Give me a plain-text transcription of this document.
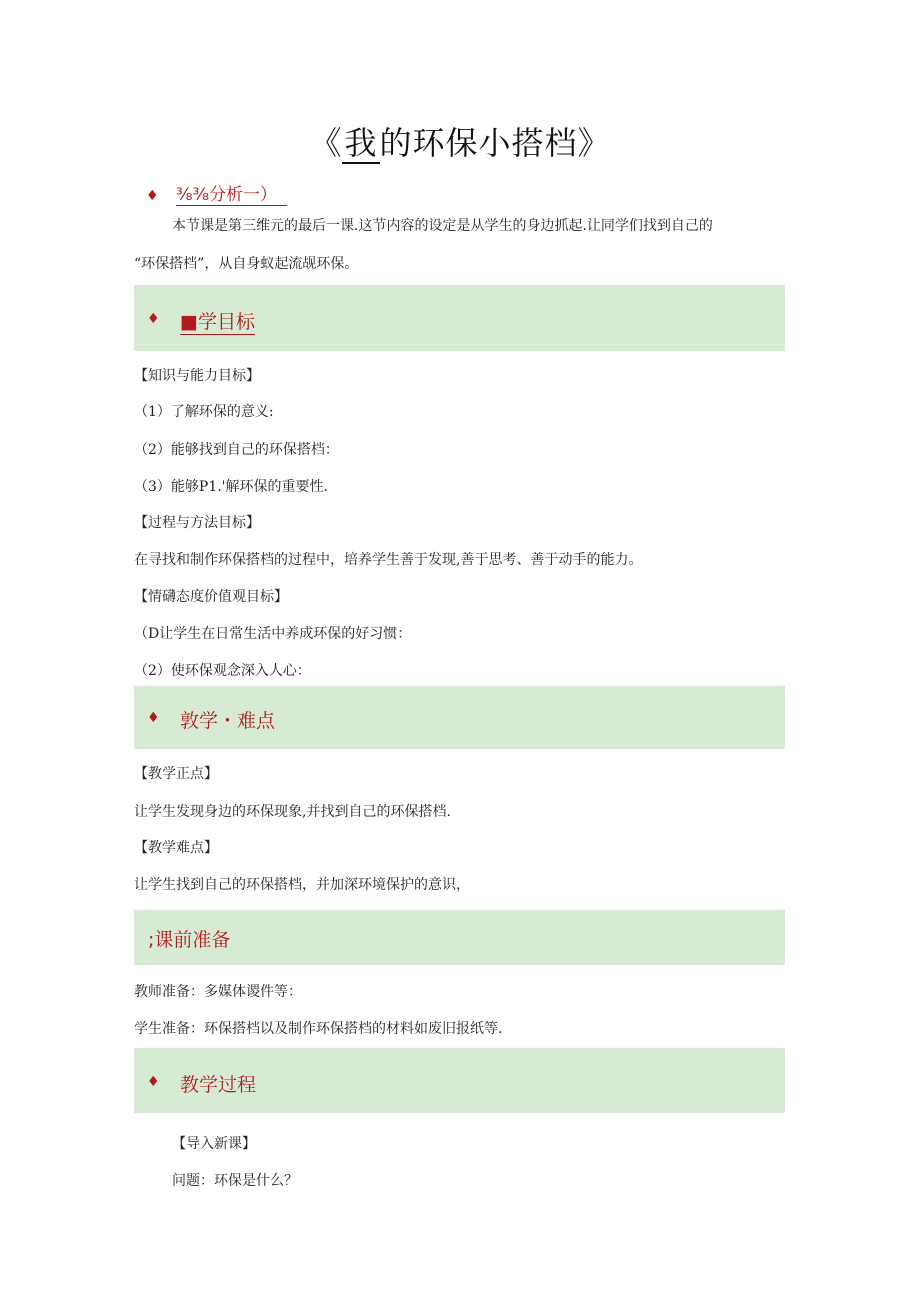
《我的环保小搭档》
♦ ⅜⅜分析一）
本节课是第三维元的最后一课.这节内容的设定是从学生的身边抓起.让同学们找到自己的
“环保搭档”，从自身蚁起流觇环保。
♦ ■学目标
【知识与能力目标】
（1）了解环保的意义:
（2）能够找到自己的环保搭档：
（3）能够P1.'解环保的重要性.
【过程与方法目标】
在寻找和制作环保搭档的过程中，培养学生善于发现,善于思考、善于动手的能力。
【情礴态度价值观目标】
（D让学生在日常生活中养成环保的好习惯：
（2）使环保观念深入人心：
♦ 敦学・难点
【教学正点】
让学生发现身边的环保现象,并找到自己的环保搭档.
【教学难点】
让学生找到自己的环保搭档，并加深环境保护的意识，
;课前准备
教师准备：多媒体谡件等：
学生准备：环保搭档以及制作环保搭档的材料如废旧报纸等.
♦ 教学过程
【导入新课】
问题：环保是什么？
